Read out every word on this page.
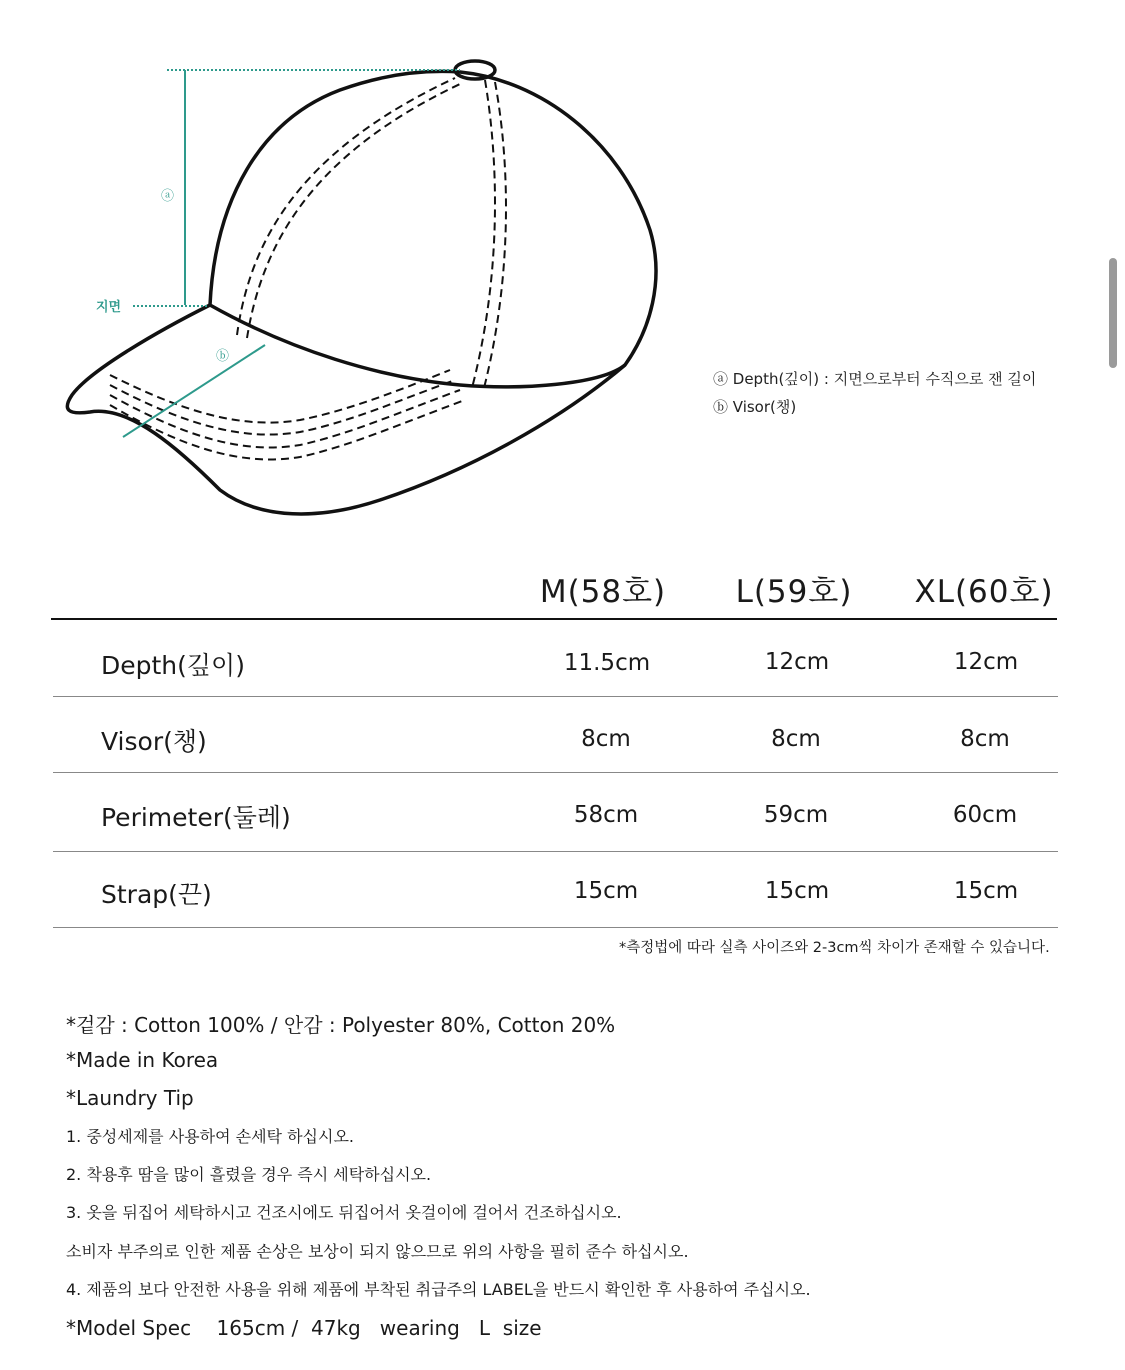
ⓐ
ⓑ
지면
ⓐ Depth(깊이) : 지면으로부터 수직으로 잰 길이
ⓑ Visor(챙)
M(58호)	L(59호)	XL(60호)
Depth(깊이)	11.5cm	12cm	12cm
Visor(챙)	8cm	8cm	8cm
Perimeter(둘레)	58cm	59cm	60cm
Strap(끈)	15cm	15cm	15cm
*측정법에 따라 실측 사이즈와 2-3cm씩 차이가 존재할 수 있습니다.
*겉감 : Cotton 100% / 안감 : Polyester 80%, Cotton 20%
*Made in Korea
*Laundry Tip
1. 중성세제를 사용하여 손세탁 하십시오.
2. 착용후 땀을 많이 흘렸을 경우 즉시 세탁하십시오.
3. 옷을 뒤집어 세탁하시고 건조시에도 뒤집어서 옷걸이에 걸어서 건조하십시오.
소비자 부주의로 인한 제품 손상은 보상이 되지 않으므로 위의 사항을 필히 준수 하십시오.
4. 제품의 보다 안전한 사용을 위해 제품에 부착된 취급주의 LABEL을 반드시 확인한 후 사용하여 주십시오.
*Model Spec    165cm /  47kg   wearing   L  size
